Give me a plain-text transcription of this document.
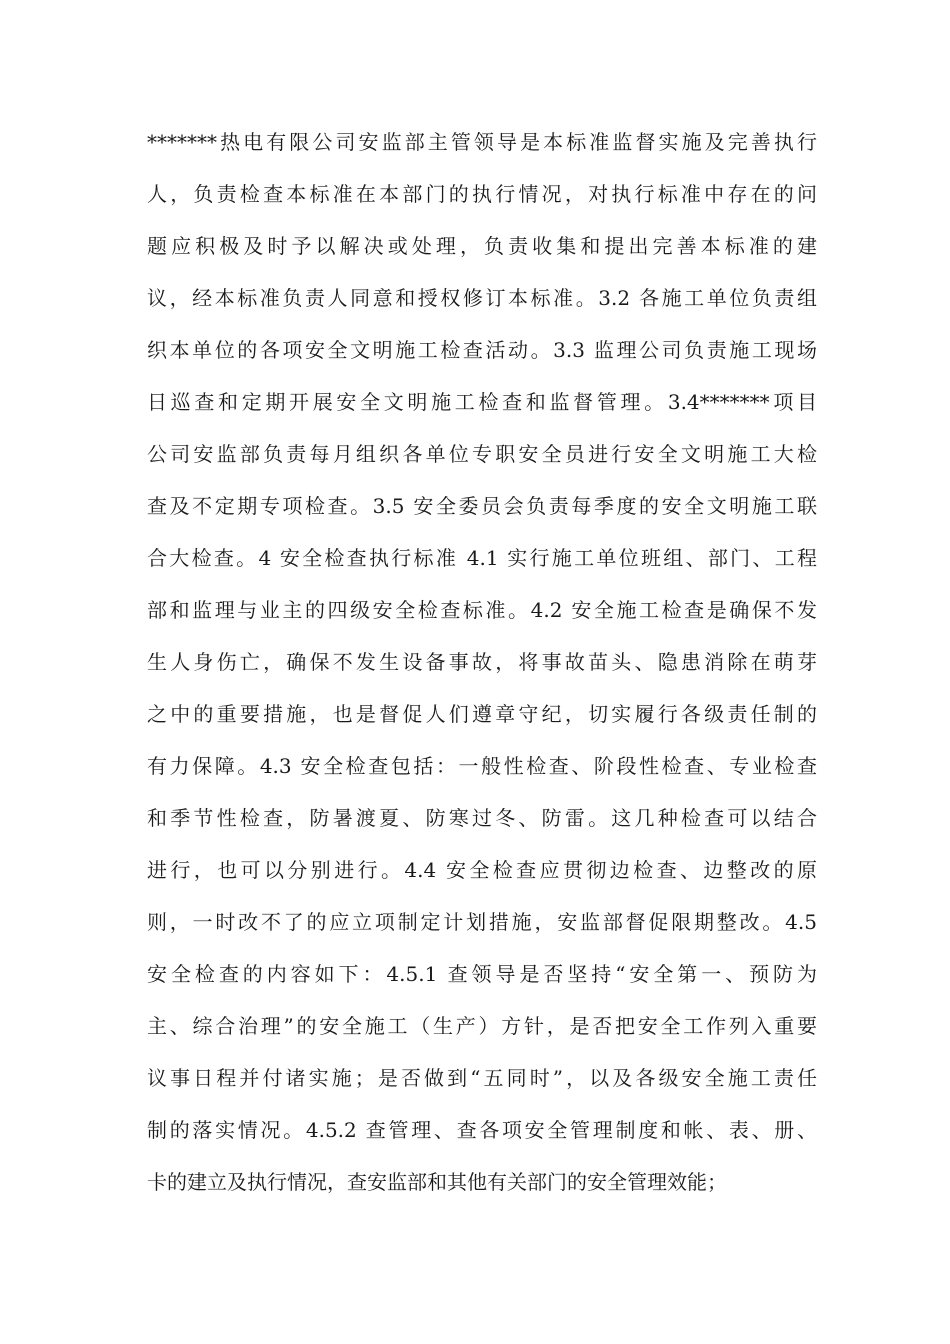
*******热电有限公司安监部主管领导是本标准监督实施及完善执行
人，负责检查本标准在本部门的执行情况，对执行标准中存在的问
题应积极及时予以解决或处理，负责收集和提出完善本标准的建
议，经本标准负责人同意和授权修订本标准。3.2 各施工单位负责组
织本单位的各项安全文明施工检查活动。3.3 监理公司负责施工现场
日巡查和定期开展安全文明施工检查和监督管理。3.4*******项目
公司安监部负责每月组织各单位专职安全员进行安全文明施工大检
查及不定期专项检查。3.5 安全委员会负责每季度的安全文明施工联
合大检查。4 安全检查执行标准 4.1 实行施工单位班组、部门、工程
部和监理与业主的四级安全检查标准。4.2 安全施工检查是确保不发
生人身伤亡，确保不发生设备事故，将事故苗头、隐患消除在萌芽
之中的重要措施，也是督促人们遵章守纪，切实履行各级责任制的
有力保障。4.3 安全检查包括：一般性检查、阶段性检查、专业检查
和季节性检查，防暑渡夏、防寒过冬、防雷。这几种检查可以结合
进行，也可以分别进行。4.4 安全检查应贯彻边检查、边整改的原
则，一时改不了的应立项制定计划措施，安监部督促限期整改。4.5
安全检查的内容如下：4.5.1 查领导是否坚持“安全第一、预防为
主、综合治理”的安全施工（生产）方针，是否把安全工作列入重要
议事日程并付诸实施；是否做到“五同时”，以及各级安全施工责任
制的落实情况。4.5.2 查管理、查各项安全管理制度和帐、表、册、
卡的建立及执行情况，查安监部和其他有关部门的安全管理效能；
